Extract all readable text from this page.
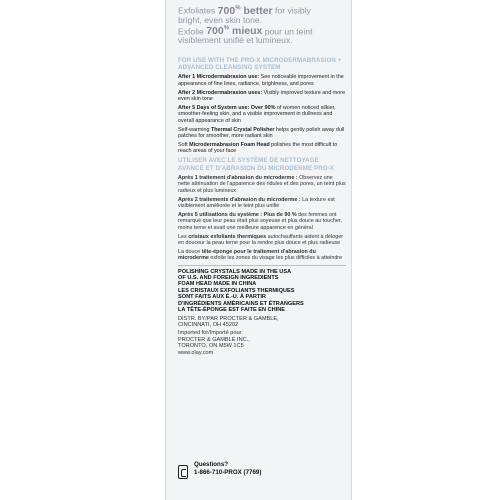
Exfoliates 700% better for visibly
bright, even skin tone.
Exfolie 700% mieux pour un teint
visiblement unifié et lumineux.
FOR USE WITH THE PRO-X MICRODERMABRASION + ADVANCED CLEANSING SYSTEM
After 1 Microdermabrasion use: See noticeable improvement in the appearance of fine lines, radiance, brightness, and pores
After 2 Microdermabrasion uses: Visibly improved texture and more even skin tone
After 5 Days of System use: Over 90% of women noticed silkier, smoother-feeling skin, and a visible improvement in dullness and overall appearance of skin
Self-warming Thermal Crystal Polisher helps gently polish away dull patches for smoother, more radiant skin
Soft Microdermabrasion Foam Head polishes the most difficult to reach areas of your face
UTILISER AVEC LE SYSTÈME DE NETTOYAGE AVANCÉ ET D'ABRASION DU MICRODERME PRO-X
Après 1 traitement d'abrasion du microderme : Observez une nette atténuation de l'apparence des ridules et des pores, un teint plus radieux et plus lumineux
Après 2 traitements d'abrasion du microderme : La texture est visiblement améliorée et le teint plus unifié
Après 5 utilisations du système : Plus de 90 % des femmes ont remarqué que leur peau était plus soyeuse et plus douce au toucher, moins terne et avait une meilleure apparence en général
Les cristaux exfoliants thermiques autochauffants aident à déloger en douceur la peau terne pour la rendre plus douce et plus radieuse
La douce tête-éponge pour le traitement d'abrasion du microderme exfolie les zones du visage les plus difficiles à atteindre
POLISHING CRYSTALS MADE IN THE USA
OF U.S. AND FOREIGN INGREDIENTS
FOAM HEAD MADE IN CHINA
LES CRISTAUX EXFOLIANTS THERMIQUES
SONT FAITS AUX É.-U. À PARTIR
D'INGRÉDIENTS AMÉRICAINS ET ÉTRANGERS
LA TÊTE-ÉPONGE EST FAITE EN CHINE
DISTR. BY/PAR PROCTER & GAMBLE,
CINCINNATI, OH 45202
Imported for/Importé pour
PROCTER & GAMBLE INC.,
TORONTO, ON M5W 1C5
www.olay.com
Questions?
1-866-710-PROX (7769)
